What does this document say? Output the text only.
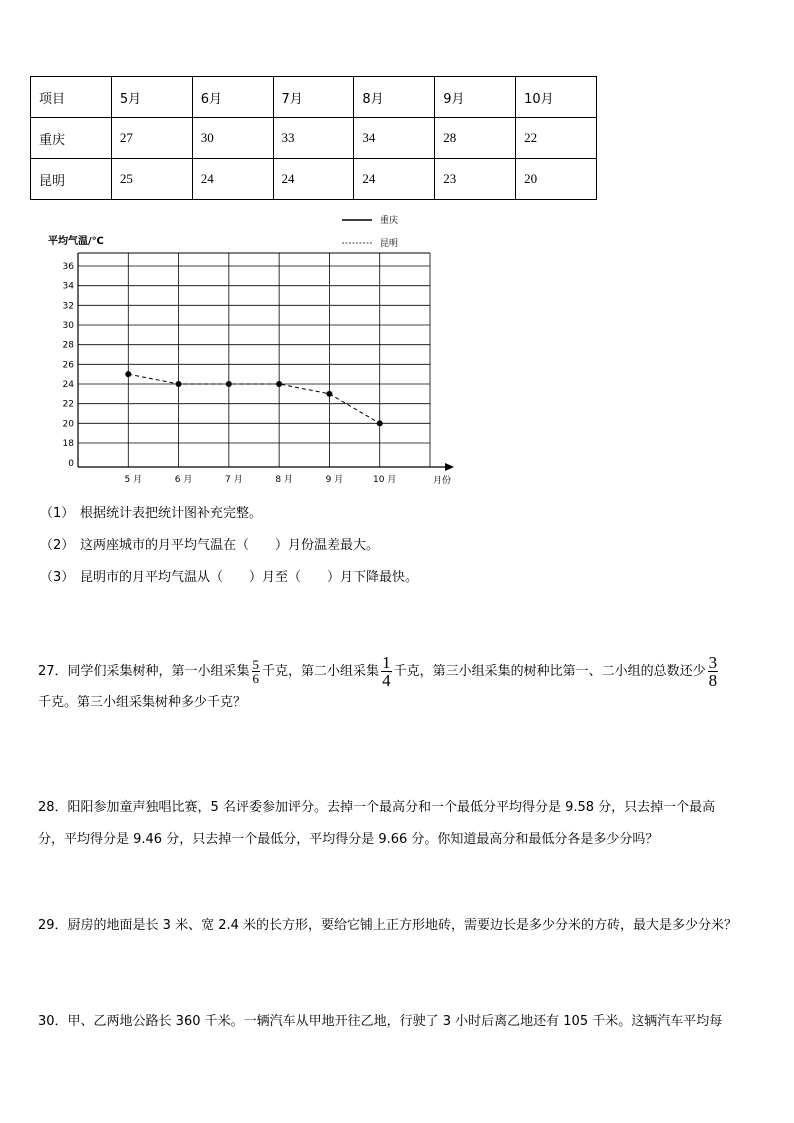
项目	5月	6月	7月	8月	9月	10月
重庆	27	30	33	34	28	22
昆明	25	24	24	24	23	20
0
18
20
22
24
26
28
30
32
34
36
5 月	6 月	7 月	8 月	9 月	10 月
重庆
昆明
平均气温/℃
月份
（1） 根据统计表把统计图补充完整。
（2） 这两座城市的月平均气温在（　　）月份温差最大。
（3） 昆明市的月平均气温从（　　）月至（　　）月下降最快。
27．同学们采集树种，第一小组采集 $\frac{5}{6}$ 千克，第二小组采集 $\frac{1}{4}$ 千克，第三小组采集的树种比第一、二小组的总数还少 $\frac{3}{8}$
千克。第三小组采集树种多少千克？
28．阳阳参加童声独唱比赛，5 名评委参加评分。去掉一个最高分和一个最低分平均得分是 9.58 分，只去掉一个最高
分，平均得分是 9.46 分，只去掉一个最低分，平均得分是 9.66 分。你知道最高分和最低分各是多少分吗？
29．厨房的地面是长 3 米、宽 2.4 米的长方形，要给它铺上正方形地砖，需要边长是多少分米的方砖，最大是多少分米？
30．甲、乙两地公路长 360 千米。一辆汽车从甲地开往乙地，行驶了 3 小时后离乙地还有 105 千米。这辆汽车平均每
